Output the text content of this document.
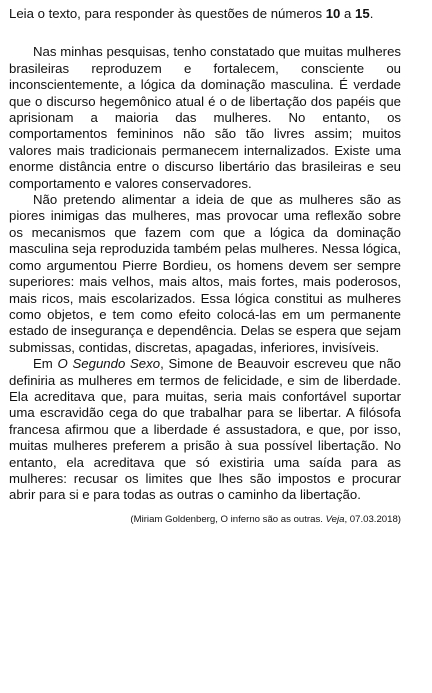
Leia o texto, para responder às questões de números 10 a 15.

Nas minhas pesquisas, tenho constatado que muitas mulheres brasileiras reproduzem e fortalecem, consciente ou inconscientemente, a lógica da dominação masculina. É verdade que o discurso hegemônico atual é o de libertação dos papéis que aprisionam a maioria das mulheres. No entanto, os comportamentos femininos não são tão livres assim; muitos valores mais tradicionais permanecem internalizados. Existe uma enorme distância entre o discurso libertário das brasileiras e seu comportamento e valores conservadores.

Não pretendo alimentar a ideia de que as mulheres são as piores inimigas das mulheres, mas provocar uma reflexão sobre os mecanismos que fazem com que a lógica da dominação masculina seja reproduzida também pelas mulheres. Nessa lógica, como argumentou Pierre Bordieu, os homens devem ser sempre superiores: mais velhos, mais altos, mais fortes, mais poderosos, mais ricos, mais escolarizados. Essa lógica constitui as mulheres como objetos, e tem como efeito colocá-las em um permanente estado de insegurança e dependência. Delas se espera que sejam submissas, contidas, discretas, apagadas, inferiores, invisíveis.

Em O Segundo Sexo, Simone de Beauvoir escreveu que não definiria as mulheres em termos de felicidade, e sim de liberdade. Ela acreditava que, para muitas, seria mais confortável suportar uma escravidão cega do que trabalhar para se libertar. A filósofa francesa afirmou que a liberdade é assustadora, e que, por isso, muitas mulheres preferem a prisão à sua possível libertação. No entanto, ela acreditava que só existiria uma saída para as mulheres: recusar os limites que lhes são impostos e procurar abrir para si e para todas as outras o caminho da libertação.

(Miriam Goldenberg, O inferno são as outras. Veja, 07.03.2018)
